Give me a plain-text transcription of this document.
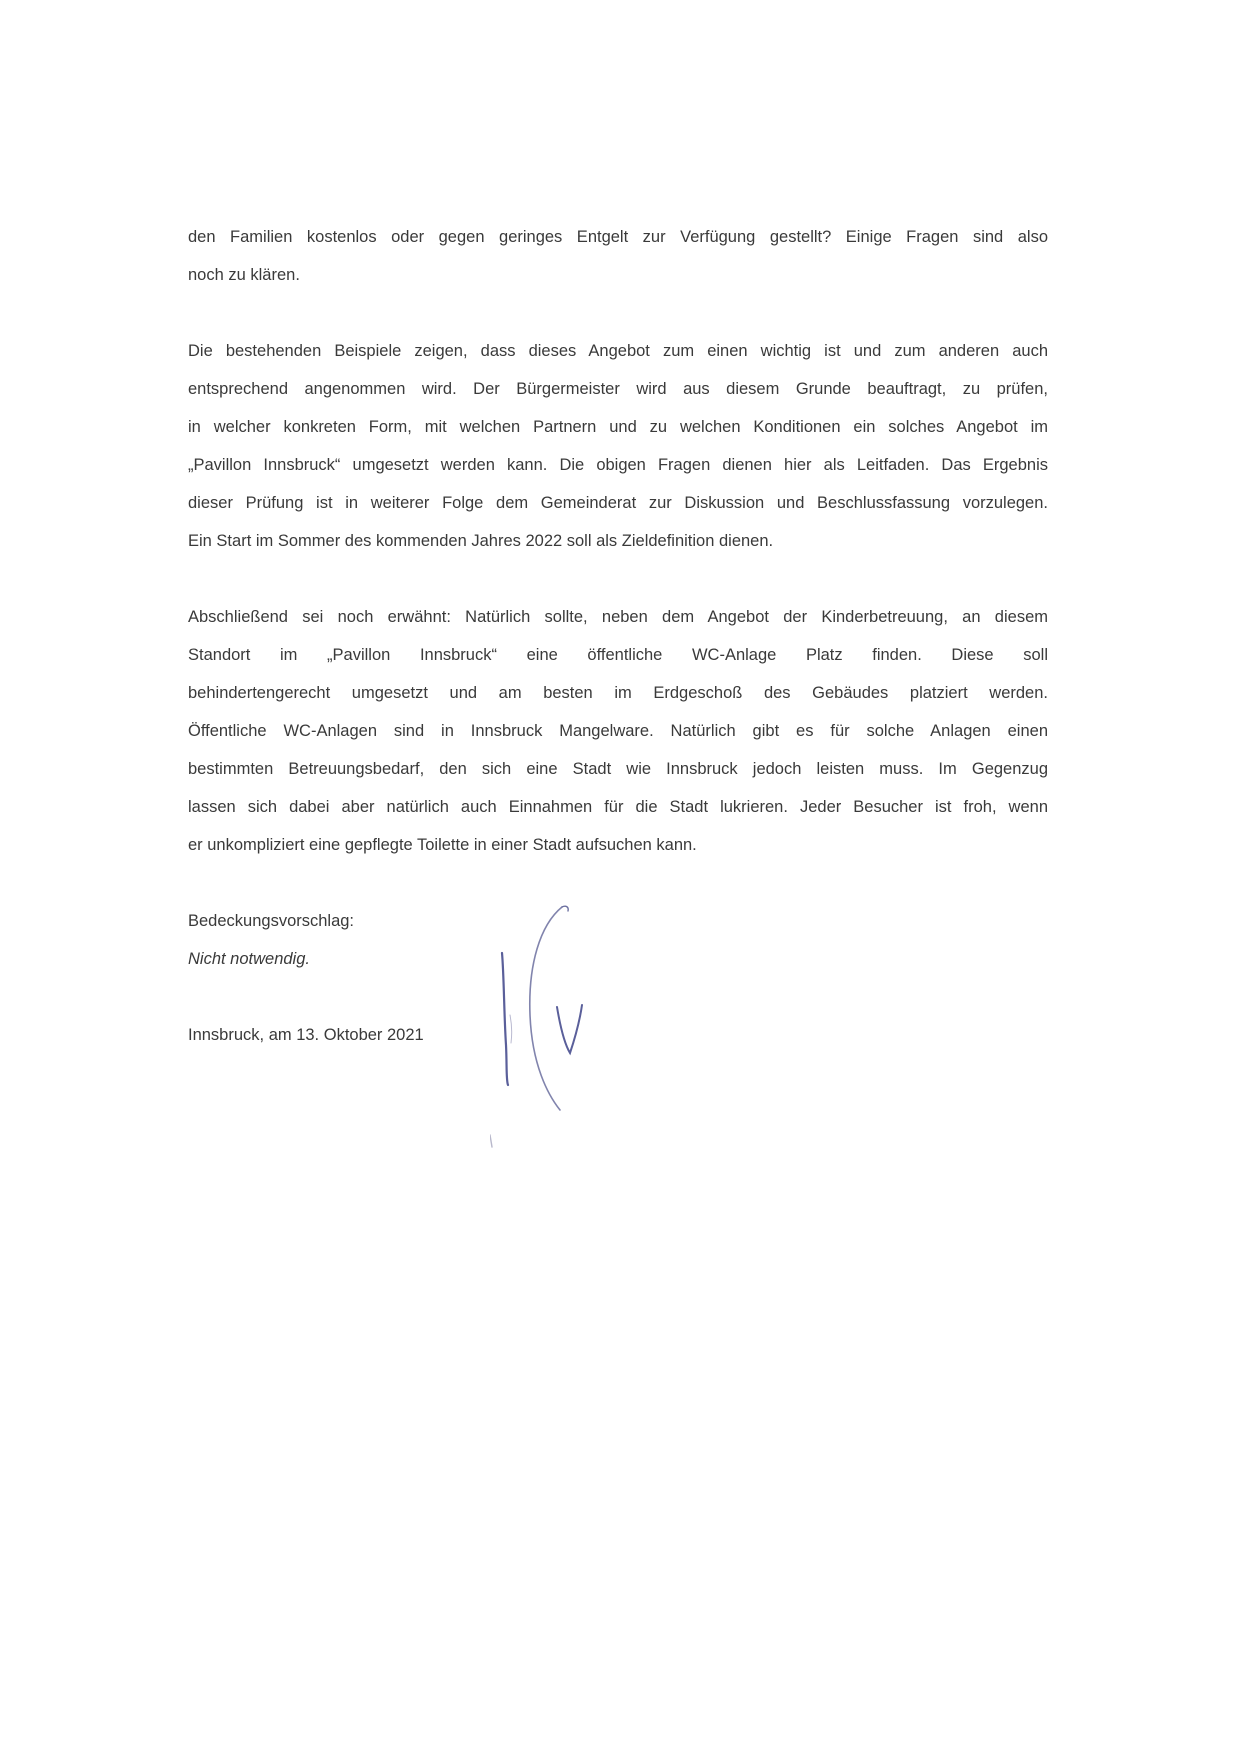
den Familien kostenlos oder gegen geringes Entgelt zur Verfügung gestellt? Einige Fragen sind also
noch zu klären.
Die bestehenden Beispiele zeigen, dass dieses Angebot zum einen wichtig ist und zum anderen auch
entsprechend angenommen wird. Der Bürgermeister wird aus diesem Grunde beauftragt, zu prüfen,
in welcher konkreten Form, mit welchen Partnern und zu welchen Konditionen ein solches Angebot im
„Pavillon Innsbruck“ umgesetzt werden kann. Die obigen Fragen dienen hier als Leitfaden. Das Ergebnis
dieser Prüfung ist in weiterer Folge dem Gemeinderat zur Diskussion und Beschlussfassung vorzulegen.
Ein Start im Sommer des kommenden Jahres 2022 soll als Zieldefinition dienen.
Abschließend sei noch erwähnt: Natürlich sollte, neben dem Angebot der Kinderbetreuung, an diesem
Standort im „Pavillon Innsbruck“ eine öffentliche WC-Anlage Platz finden. Diese soll
behindertengerecht umgesetzt und am besten im Erdgeschoß des Gebäudes platziert werden.
Öffentliche WC-Anlagen sind in Innsbruck Mangelware. Natürlich gibt es für solche Anlagen einen
bestimmten Betreuungsbedarf, den sich eine Stadt wie Innsbruck jedoch leisten muss. Im Gegenzug
lassen sich dabei aber natürlich auch Einnahmen für die Stadt lukrieren. Jeder Besucher ist froh, wenn
er unkompliziert eine gepflegte Toilette in einer Stadt aufsuchen kann.
Bedeckungsvorschlag:
Nicht notwendig.
Innsbruck, am 13. Oktober 2021
